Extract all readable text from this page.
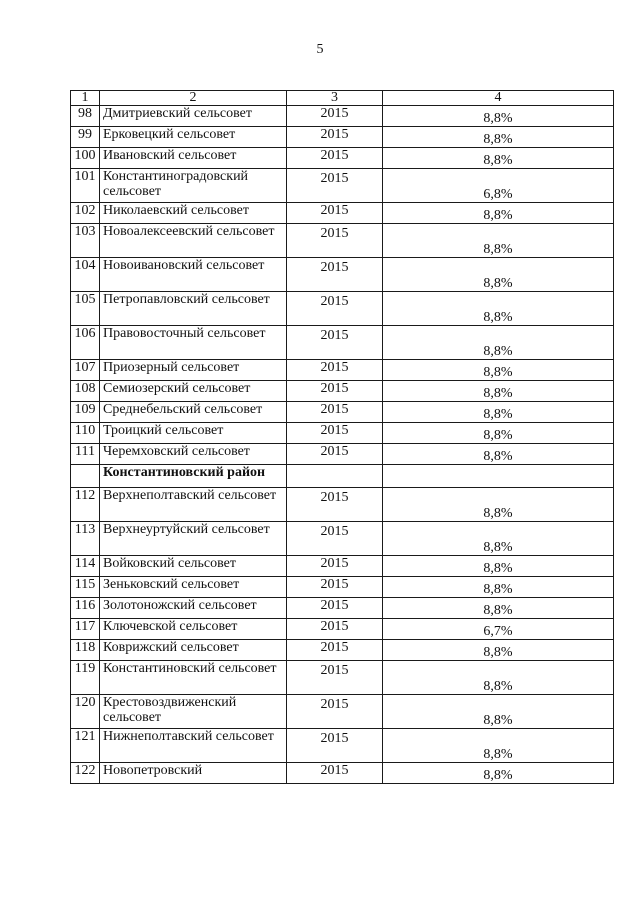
5
1	2	3	4
98	Дмитриевский сельсовет	2015	8,8%
99	Ерковецкий сельсовет	2015	8,8%
100	Ивановский сельсовет	2015	8,8%
101	Константиноградовский сельсовет	2015	6,8%
102	Николаевский сельсовет	2015	8,8%
103	Новоалексеевский сельсовет	2015	8,8%
104	Новоивановский сельсовет	2015	8,8%
105	Петропавловский сельсовет	2015	8,8%
106	Правовосточный сельсовет	2015	8,8%
107	Приозерный сельсовет	2015	8,8%
108	Семиозерский сельсовет	2015	8,8%
109	Среднебельский сельсовет	2015	8,8%
110	Троицкий сельсовет	2015	8,8%
111	Черемховский сельсовет	2015	8,8%
	Константиновский район		
112	Верхнеполтавский сельсовет	2015	8,8%
113	Верхнеуртуйский сельсовет	2015	8,8%
114	Войковский сельсовет	2015	8,8%
115	Зеньковский сельсовет	2015	8,8%
116	Золотоножский сельсовет	2015	8,8%
117	Ключевской сельсовет	2015	6,7%
118	Коврижский сельсовет	2015	8,8%
119	Константиновский сельсовет	2015	8,8%
120	Крестовоздвиженский сельсовет	2015	8,8%
121	Нижнеполтавский сельсовет	2015	8,8%
122	Новопетровский	2015	8,8%
